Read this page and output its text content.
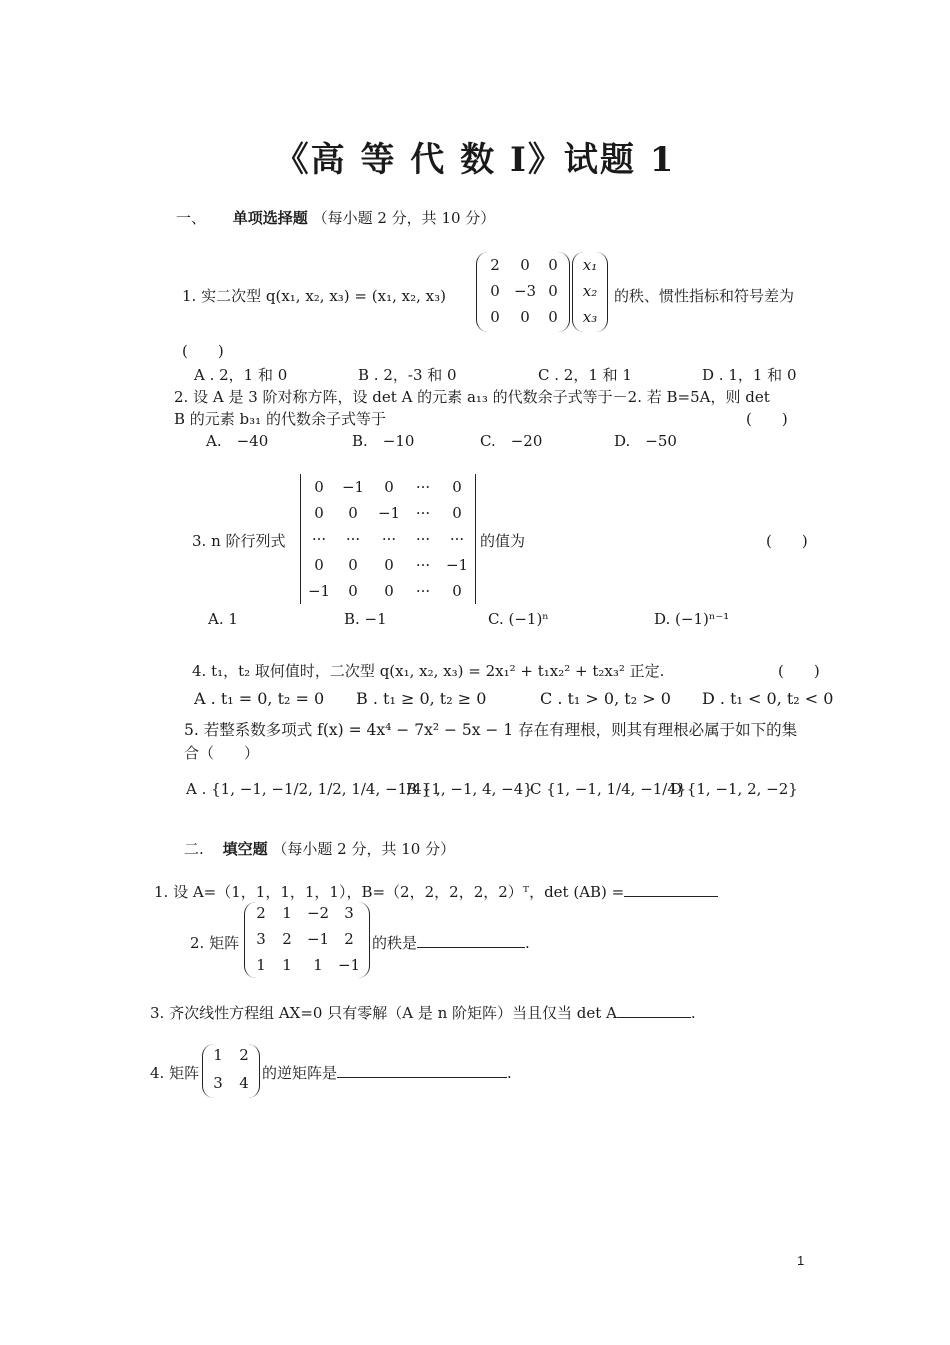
《高 等 代 数 I》试题 1
一、 单项选择题 （每小题 2 分，共 10 分）
1. 实二次型 q(x₁, x₂, x₃) = (x₁, x₂, x₃)
2	0	0
0 −3 0
0	0	0
x₁
x₂
x₃
的秩、惯性指标和符号差为
(　　)
A . 2，1 和 0	B . 2，-3 和 0	C . 2，1 和 1	D . 1，1 和 0
2. 设 A 是 3 阶对称方阵，设 det A 的元素 a₁₃ 的代数余子式等于－2. 若 B=5A，则 det
B 的元素 b₃₁ 的代数余子式等于	(　　)
A.　−40	B.　−10	C.　−20	D.　−50
3. n 阶行列式
0	−1	0	···	0
0	0	−1	···	0
···	···	···	···	···
0	0	0	···	−1
−1	0	0	···	0
的值为	(　　)
A. 1	B. −1	C. (−1)ⁿ	D. (−1)ⁿ⁻¹
4. t₁，t₂ 取何值时，二次型 q(x₁, x₂, x₃) = 2x₁² + t₁x₂² + t₂x₃² 正定.	(　　)
A . t₁ = 0, t₂ = 0 B . t₁ ≥ 0, t₂ ≥ 0	C . t₁ > 0, t₂ > 0 D . t₁ < 0, t₂ < 0
5. 若整系数多项式 f(x) = 4x⁴ − 7x² − 5x − 1 存在有理根，则其有理根必属于如下的集
合（　　）
A . {1, −1, −1/2, 1/2, 1/4, −1/4} ,
B {1, −1, 4, −4}
C {1, −1, 1/4, −1/4}
D {1, −1, 2, −2}
二. 填空题 （每小题 2 分，共 10 分）
1. 设 A=（1，1，1，1，1），B=（2，2，2，2，2）ᵀ，det (AB) =
2. 矩阵
2	1	−2	3
3	2	−1	2
1	1	1	−1
的秩是	.
3. 齐次线性方程组 AX=0 只有零解（A 是 n 阶矩阵）当且仅当 det A	.
4. 矩阵
1	2
3	4
的逆矩阵是	.
1
